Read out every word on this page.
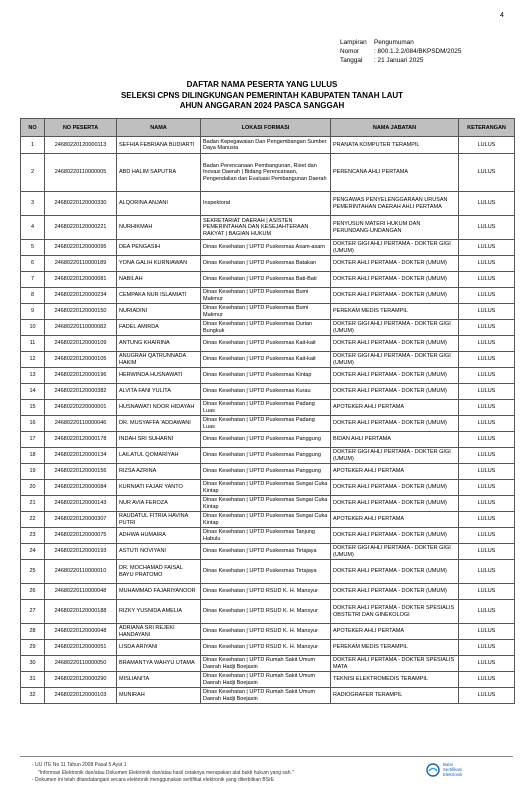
4
Lampiran	Pengumuman
Nomor	: 800.1.2.2/084/BKPSDM/2025
Tanggal	: 21 Januari 2025
DAFTAR NAMA PESERTA YANG LULUS
SELEKSI CPNS DILINGKUNGAN PEMERINTAH KABUPATEN TANAH LAUT
AHUN ANGGARAN 2024 PASCA SANGGAH
NO	NO PESERTA	NAMA	LOKASI FORMASI	NAMA JABATAN	KETERANGAN
1	24680220120000113	SEFHIA FEBRIANA BUDIARTI	Badan Kepegawaian Dan Pengembangan Sumber Daya Manusia	PRANATA KOMPUTER TERAMPIL	LULUS
2	24680220110000005	ABD HALIM SAPUTRA	Badan Perencanaan Pembangunan, Riset dan Inovasi Daerah | Bidang Perencanaan, Pengendalian dan Evaluasi Pembangunan Daerah	PERENCANA AHLI PERTAMA	LULUS
3	24680220120000330	ALQORINA ANJANI	Inspektorat	PENGAWAS PENYELENGGARAAN URUSAN PEMERINTAHAN DAERAH AHLI PERTAMA	LULUS
4	24680220120000221	NURHIKMAH	SEKRETARIAT DAERAH | ASISTEN PEMERINTAHAN DAN KESEJAHTERAAN RAKYAT | BAGIAN HUKUM	PENYUSUN MATERI HUKUM DAN PERUNDANG-UNDANGAN	LULUS
5	24680220120000095	DEA PENGASIH	Dinas Kesehatan | UPTD Puskesmas Asam-asam	DOKTER GIGI AHLI PERTAMA - DOKTER GIGI (UMUM)	LULUS
6	24680220110000189	YONA GALIH KURNIAWAN	Dinas Kesehatan | UPTD Puskesmas Batakan	DOKTER AHLI PERTAMA - DOKTER (UMUM)	LULUS
7	24680220120000081	NABILAH	Dinas Kesehatan | UPTD Puskesmas Bati-Bati	DOKTER AHLI PERTAMA - DOKTER (UMUM)	LULUS
8	24680220120000234	CEMPAKA NUR ISLAMIATI	Dinas Kesehatan | UPTD Puskesmas Bumi Makmur	DOKTER AHLI PERTAMA - DOKTER (UMUM)	LULUS
9	24680220120000150	NURIADINI	Dinas Kesehatan | UPTD Puskesmas Bumi Makmur	PEREKAM MEDIS TERAMPIL	LULUS
10	24680220110000082	FADEL AMIRDA	Dinas Kesehatan | UPTD Puskesmas Durian Bungkuk	DOKTER GIGI AHLI PERTAMA - DOKTER GIGI (UMUM)	LULUS
11	24680220120000109	ANTUNG KHAIRINA	Dinas Kesehatan | UPTD Puskesmas Kait-kait	DOKTER AHLI PERTAMA - DOKTER (UMUM)	LULUS
12	24680220120000105	ANUGRAH QATRUNNADA HAKIM	Dinas Kesehatan | UPTD Puskesmas Kait-kait	DOKTER GIGI AHLI PERTAMA - DOKTER GIGI (UMUM)	LULUS
13	24680220120000196	HERWINDA HUSNAWATI	Dinas Kesehatan | UPTD Puskesmas Kintap	DOKTER AHLI PERTAMA - DOKTER (UMUM)	LULUS
14	24680220120000382	ALVITA FANI YULITA	Dinas Kesehatan | UPTD Puskesmas Kurau	DOKTER AHLI PERTAMA - DOKTER (UMUM)	LULUS
15	24680220220000001	HUSNAWATI NOOR HIDAYAH	Dinas Kesehatan | UPTD Puskesmas Padang Luas	APOTEKER AHLI PERTAMA	LULUS
16	24680220110000046	DR. MUSYAFFA 'ADDAWANI	Dinas Kesehatan | UPTD Puskesmas Padang Luas	DOKTER AHLI PERTAMA - DOKTER (UMUM)	LULUS
17	24680220120000178	INDAH SRI SUHARNI	Dinas Kesehatan | UPTD Puskesmas Panggung	BIDAN AHLI PERTAMA	LULUS
18	24680220120000134	LAILATUL QOMARIYAH	Dinas Kesehatan | UPTD Puskesmas Panggung	DOKTER GIGI AHLI PERTAMA - DOKTER GIGI (UMUM)	LULUS
19	24680220120000156	RIZSA AZRINA	Dinas Kesehatan | UPTD Puskesmas Panggung	APOTEKER AHLI PERTAMA	LULUS
20	24680220120000084	KURNIATI FAJAR YANTO	Dinas Kesehatan | UPTD Puskesmas Sungai Cuka Kintap	DOKTER AHLI PERTAMA - DOKTER (UMUM)	LULUS
21	24680220120000143	NUR AVIA FEROZA	Dinas Kesehatan | UPTD Puskesmas Sungai Cuka Kintap	DOKTER AHLI PERTAMA - DOKTER (UMUM)	LULUS
22	24680220120000307	RAUDATUL FITRIA HAVINA PUTRI	Dinas Kesehatan | UPTD Puskesmas Sungai Cuka Kintap	APOTEKER AHLI PERTAMA	LULUS
23	24680220120000075	ADHWA HUMAIRA	Dinas Kesehatan | UPTD Puskesmas Tanjung Habulu	DOKTER AHLI PERTAMA - DOKTER (UMUM)	LULUS
24	24680220120000193	ASTUTI NOVIYANI	Dinas Kesehatan | UPTD Puskesmas Tirtajaya	DOKTER GIGI AHLI PERTAMA - DOKTER GIGI (UMUM)	LULUS
25	24680220110000010	DR. MOCHAMAD FAISAL BAYU PRATOMO	Dinas Kesehatan | UPTD Puskesmas Tirtajaya	DOKTER AHLI PERTAMA - DOKTER (UMUM)	LULUS
26	24680220110000048	MUHAMMAD FAJARIYANOOR	Dinas Kesehatan | UPTD RSUD K. H. Mansyur	DOKTER AHLI PERTAMA - DOKTER (UMUM)	LULUS
27	24680220120000188	RIZKY YUSNIDA AMELIA	Dinas Kesehatan | UPTD RSUD K. H. Mansyur	DOKTER AHLI PERTAMA - DOKTER SPESIALIS OBSTETRI DAN GINEKOLOGI	LULUS
28	24680220120000048	ADRIANA SRI REJEKI HANDAYANI	Dinas Kesehatan | UPTD RSUD K. H. Mansyur	APOTEKER AHLI PERTAMA	LULUS
29	24680220120000051	LISDA ARIYANI	Dinas Kesehatan | UPTD RSUD K. H. Mansyur	PEREKAM MEDIS TERAMPIL	LULUS
30	24680220110000050	BRAMANTYA WAHYU UTAMA	Dinas Kesehatan | UPTD Rumah Sakit Umum Daerah Hadji Boejasin	DOKTER AHLI PERTAMA - DOKTER SPESIALIS MATA	LULUS
31	24680220120000290	MISLIANITA	Dinas Kesehatan | UPTD Rumah Sakit Umum Daerah Hadji Boejasin	TEKNISI ELEKTROMEDIS TERAMPIL	LULUS
32	24680220120000103	MUNIRAH	Dinas Kesehatan | UPTD Rumah Sakit Umum Daerah Hadji Boejasin	RADIOGRAFER TERAMPIL	LULUS
- UU ITE No 11 Tahun 2008 Pasal 5 Ayat 1
"Informasi Elektronik dan/atau Dokumen Elektronik dan/atau hasil cetaknya merupakan alat bukti hukum yang sah."
- Dokumen ini telah ditandatangani secara elektronik menggunakan sertifikat elektronik yang diterbitkan BSrE
Balai
Sertifikasi
Elektronik
